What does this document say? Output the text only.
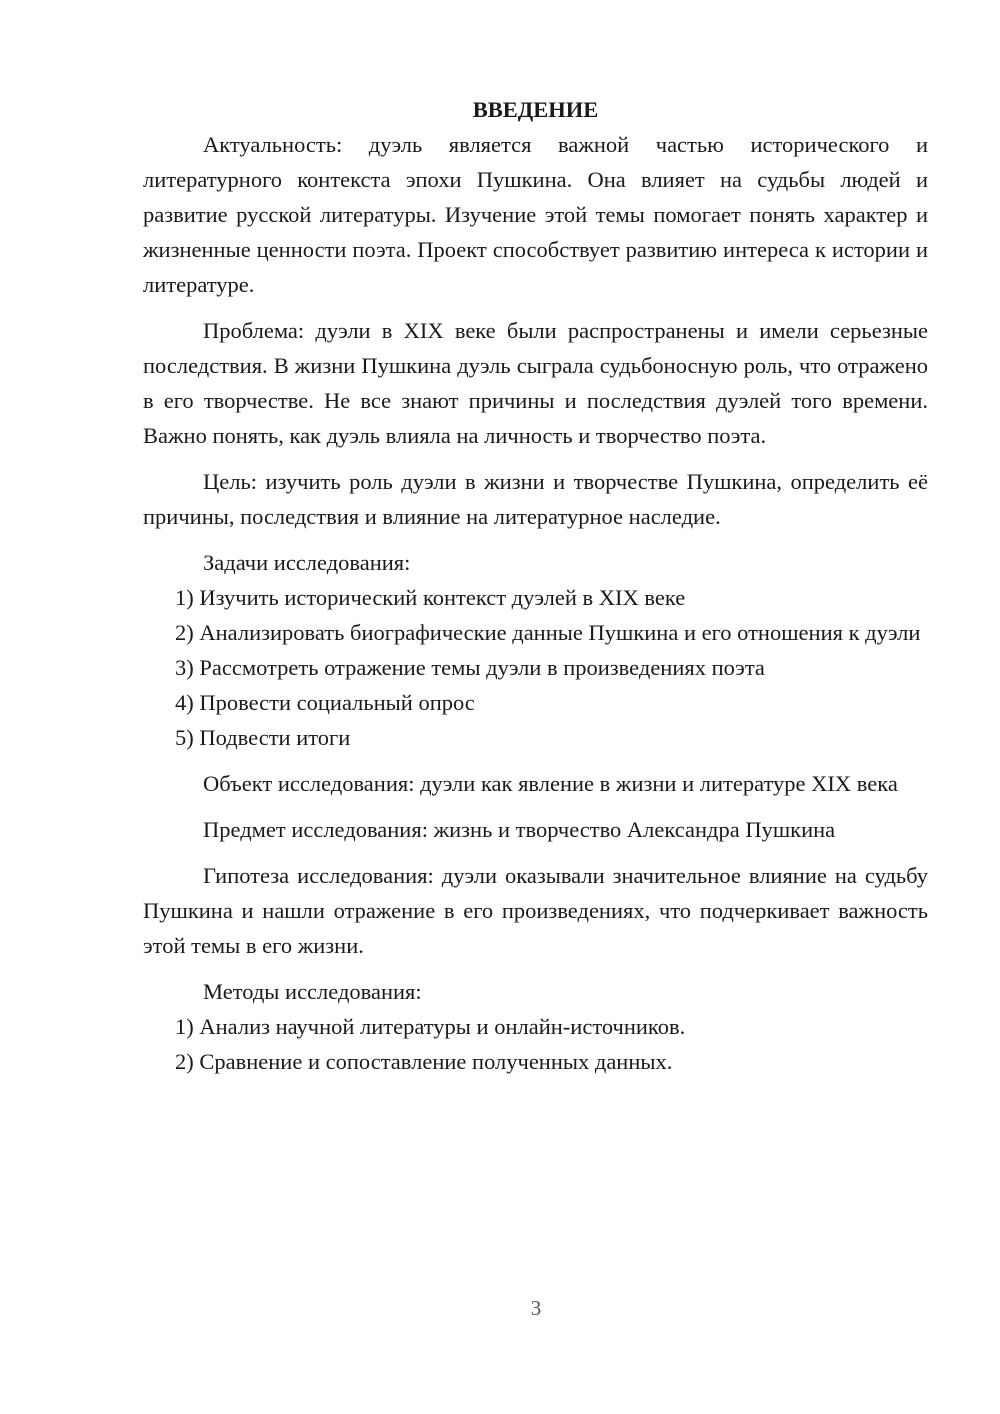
ВВЕДЕНИЕ

Актуальность: дуэль является важной частью исторического и литературного контекста эпохи Пушкина. Она влияет на судьбы людей и развитие русской литературы. Изучение этой темы помогает понять характер и жизненные ценности поэта. Проект способствует развитию интереса к истории и литературе.

Проблема: дуэли в XIX веке были распространены и имели серьезные последствия. В жизни Пушкина дуэль сыграла судьбоносную роль, что отражено в его творчестве. Не все знают причины и последствия дуэлей того времени. Важно понять, как дуэль влияла на личность и творчество поэта.

Цель: изучить роль дуэли в жизни и творчестве Пушкина, определить её причины, последствия и влияние на литературное наследие.

Задачи исследования:

1) Изучить исторический контекст дуэлей в XIX веке

2) Анализировать биографические данные Пушкина и его отношения к дуэли

3) Рассмотреть отражение темы дуэли в произведениях поэта

4) Провести социальный опрос

5) Подвести итоги

Объект исследования: дуэли как явление в жизни и литературе XIX века

Предмет исследования: жизнь и творчество Александра Пушкина

Гипотеза исследования: дуэли оказывали значительное влияние на судьбу Пушкина и нашли отражение в его произведениях, что подчеркивает важность этой темы в его жизни.

Методы исследования:

1) Анализ научной литературы и онлайн-источников.

2) Сравнение и сопоставление полученных данных.

3
